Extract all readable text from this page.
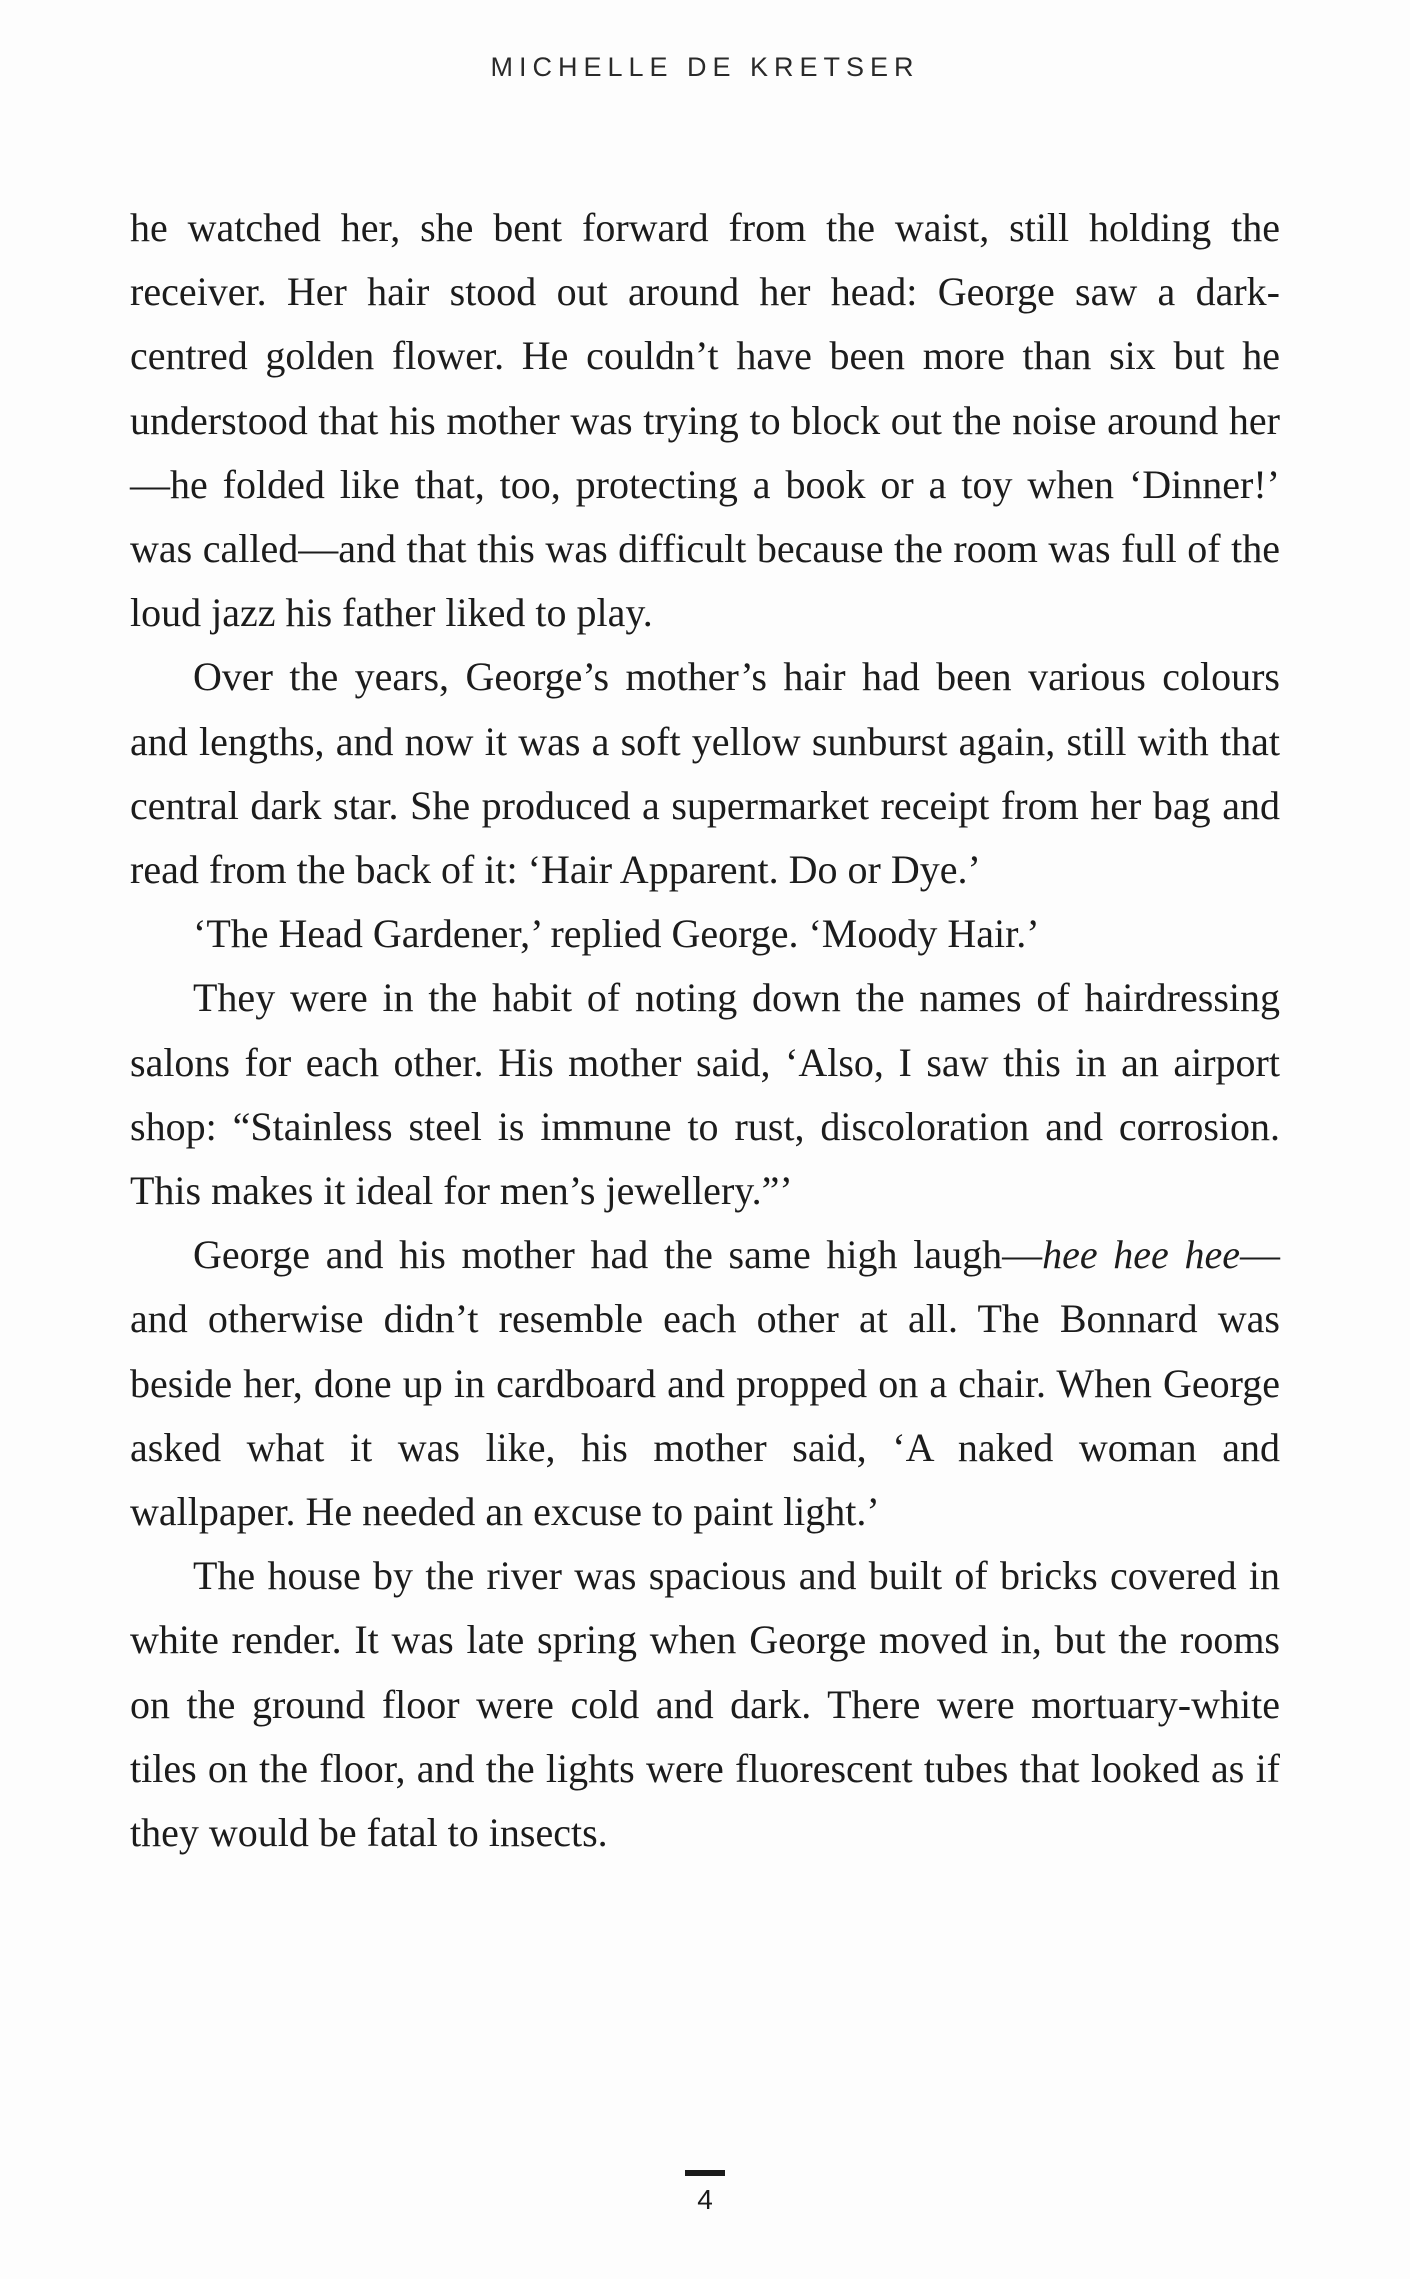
MICHELLE DE KRETSER

he watched her, she bent forward from the waist, still holding the receiver. Her hair stood out around her head: George saw a dark-centred golden flower. He couldn’t have been more than six but he understood that his mother was trying to block out the noise around her—he folded like that, too, protecting a book or a toy when ‘Dinner!’ was called—and that this was difficult because the room was full of the loud jazz his father liked to play.

Over the years, George’s mother’s hair had been various colours and lengths, and now it was a soft yellow sunburst again, still with that central dark star. She produced a supermarket receipt from her bag and read from the back of it: ‘Hair Apparent. Do or Dye.’

‘The Head Gardener,’ replied George. ‘Moody Hair.’

They were in the habit of noting down the names of hairdressing salons for each other. His mother said, ‘Also, I saw this in an airport shop: “Stainless steel is immune to rust, discoloration and corrosion. This makes it ideal for men’s jewellery.”’

George and his mother had the same high laugh—hee hee hee—and otherwise didn’t resemble each other at all. The Bonnard was beside her, done up in cardboard and propped on a chair. When George asked what it was like, his mother said, ‘A naked woman and wallpaper. He needed an excuse to paint light.’

The house by the river was spacious and built of bricks covered in white render. It was late spring when George moved in, but the rooms on the ground floor were cold and dark. There were mortuary-white tiles on the floor, and the lights were fluorescent tubes that looked as if they would be fatal to insects.

4
